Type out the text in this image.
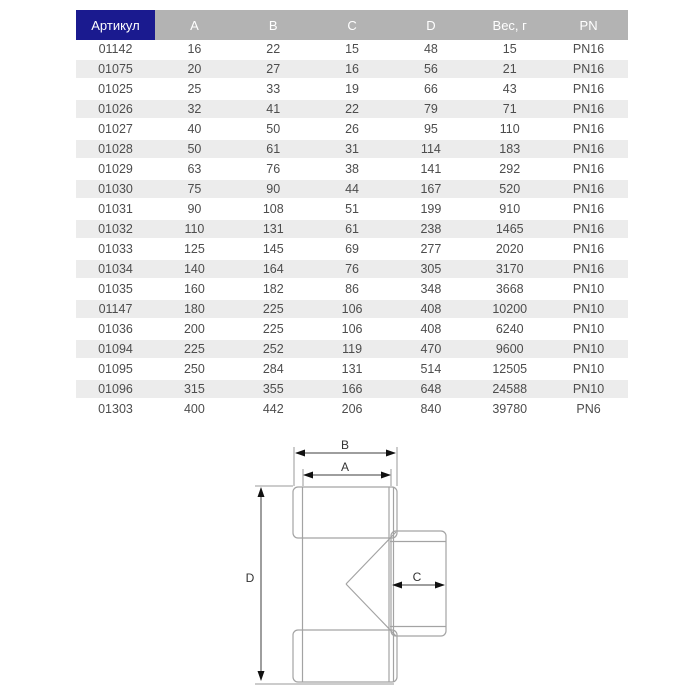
Артикул	A	B	C	D	Вес, г	PN
01142	16	22	15	48	15	PN16
01075	20	27	16	56	21	PN16
01025	25	33	19	66	43	PN16
01026	32	41	22	79	71	PN16
01027	40	50	26	95	110	PN16
01028	50	61	31	114	183	PN16
01029	63	76	38	141	292	PN16
01030	75	90	44	167	520	PN16
01031	90	108	51	199	910	PN16
01032	110	131	61	238	1465	PN16
01033	125	145	69	277	2020	PN16
01034	140	164	76	305	3170	PN16
01035	160	182	86	348	3668	PN10
01147	180	225	106	408	10200	PN10
01036	200	225	106	408	6240	PN10
01094	225	252	119	470	9600	PN10
01095	250	284	131	514	12505	PN10
01096	315	355	166	648	24588	PN10
01303	400	442	206	840	39780	PN6
B
A
C
D
